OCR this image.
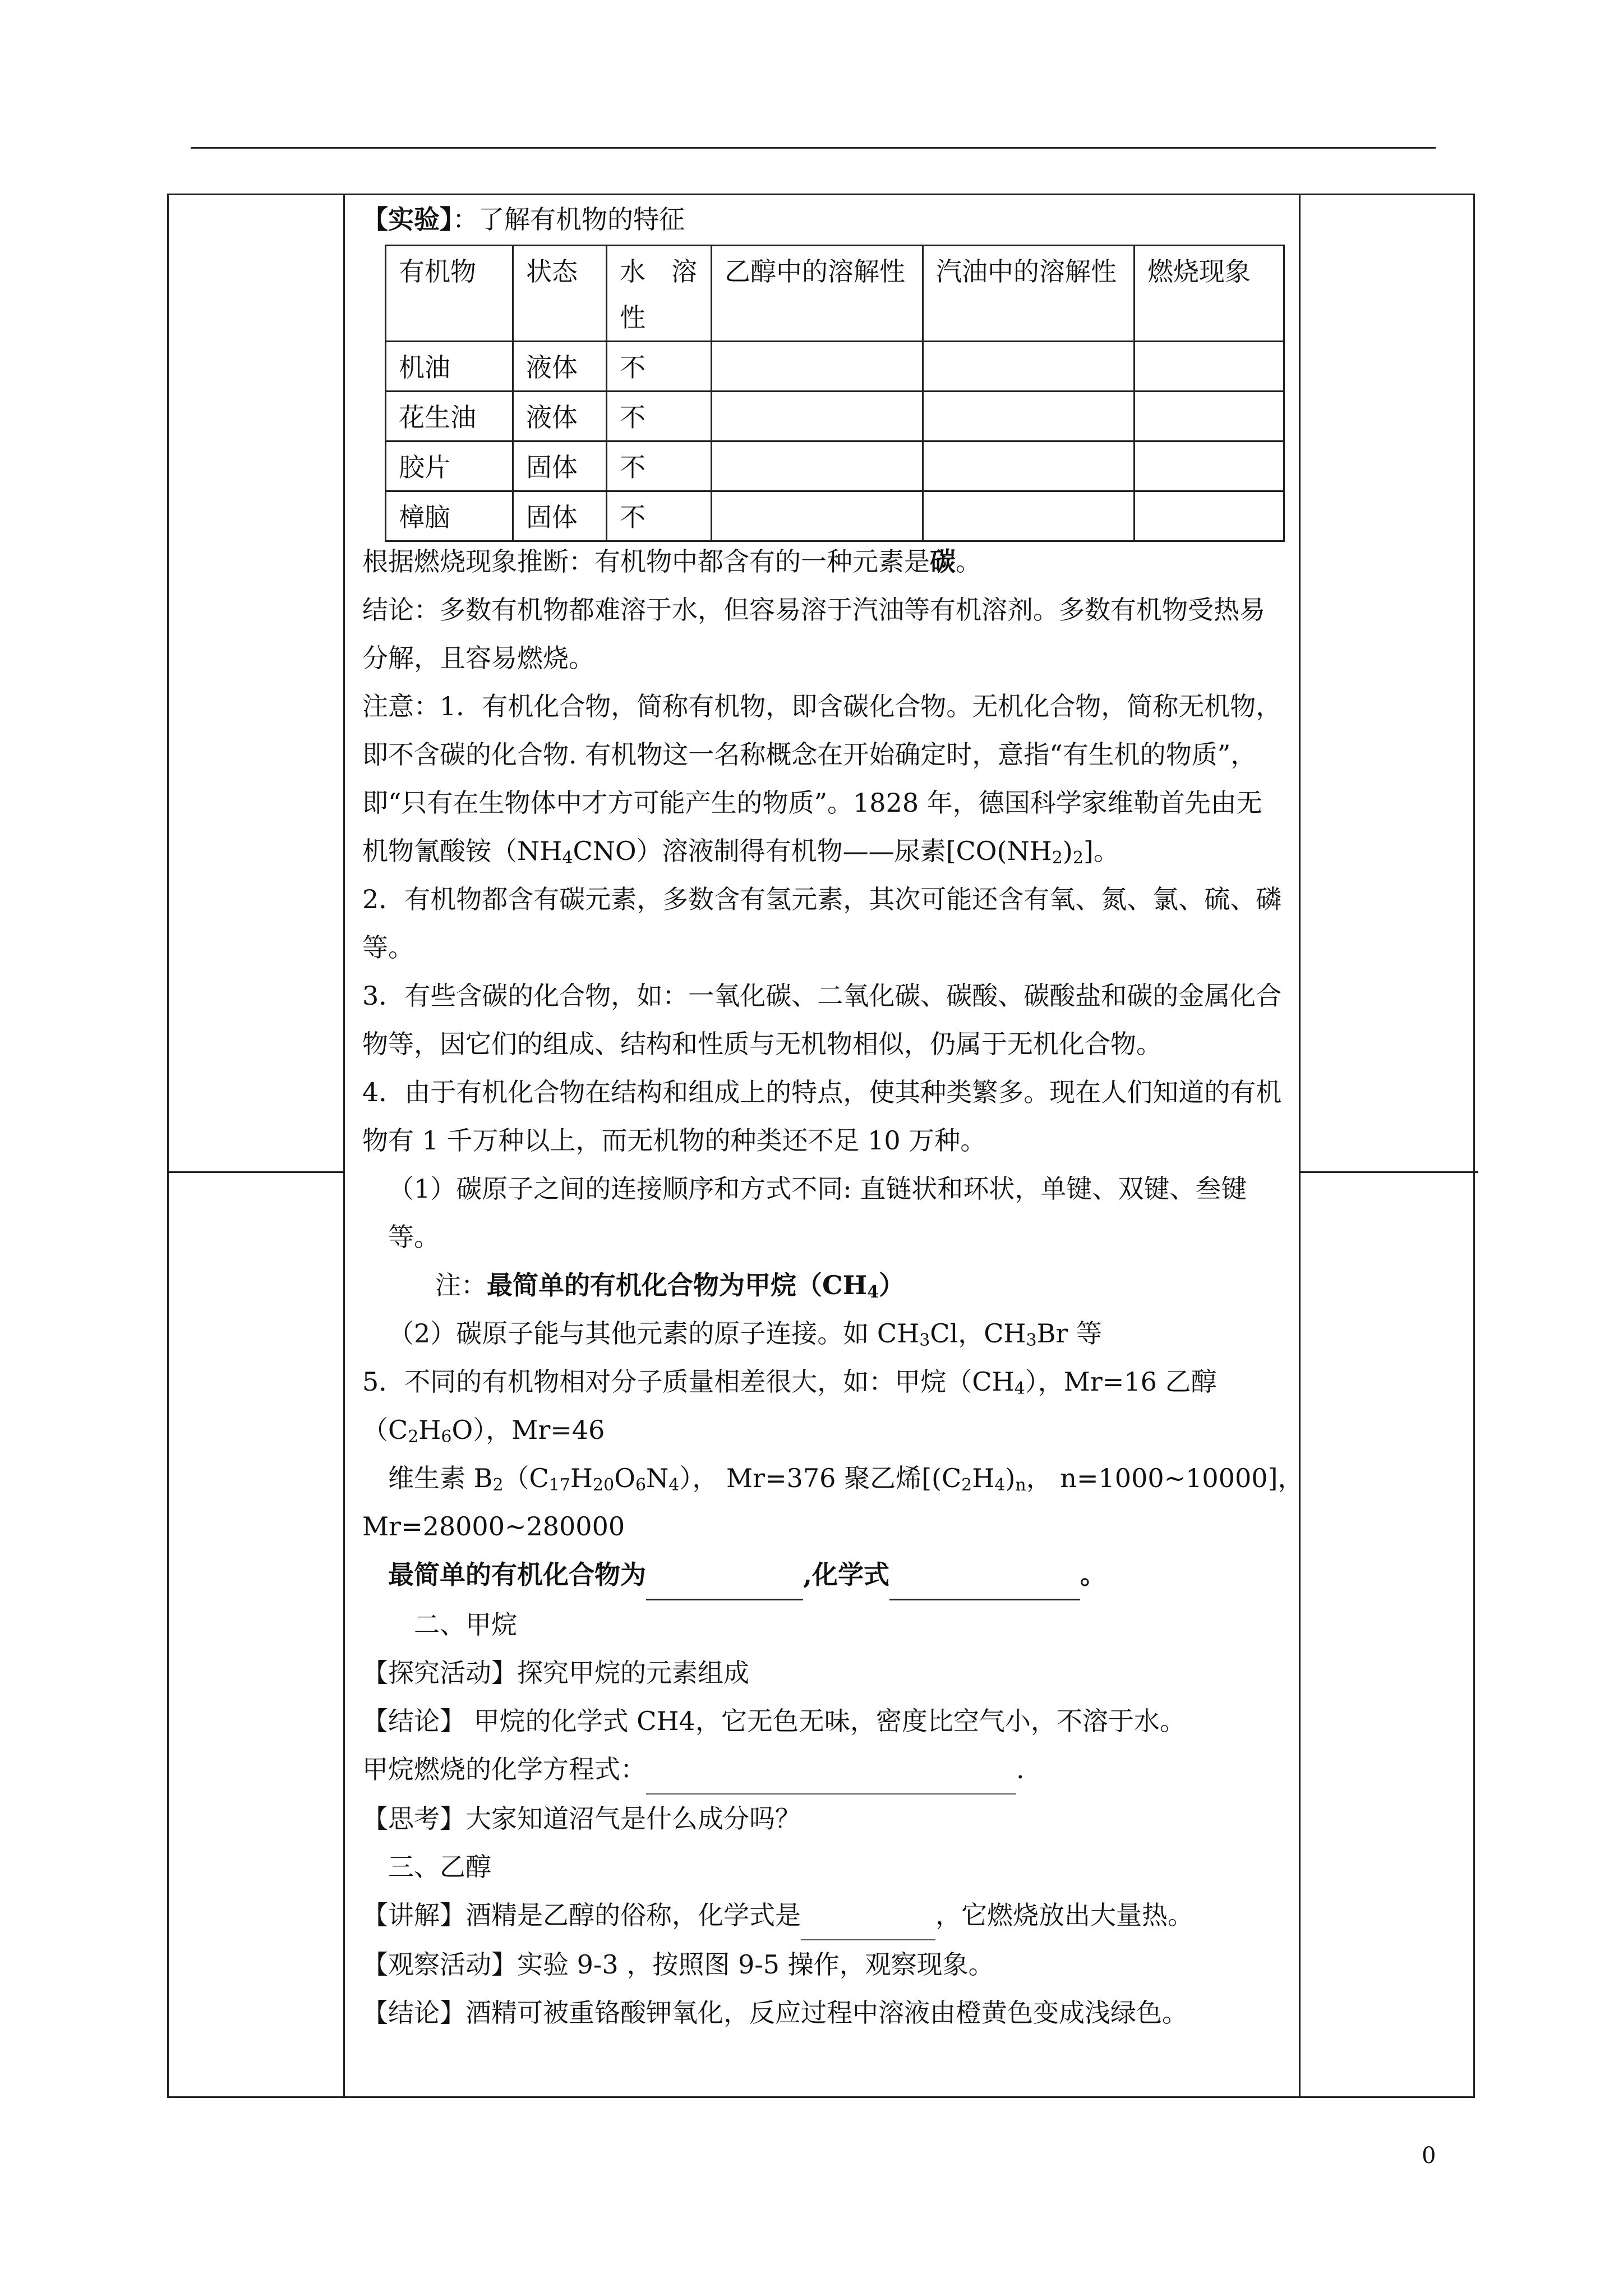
【实验】：了解有机物的特征
有机物	状态	水　溶性	乙醇中的溶解性	汽油中的溶解性	燃烧现象
机油	液体	不			
花生油	液体	不			
胶片	固体	不			
樟脑	固体	不			
根据燃烧现象推断：有机物中都含有的一种元素是碳。
结论：多数有机物都难溶于水，但容易溶于汽油等有机溶剂。多数有机物受热易分解，且容易燃烧。
注意：1．有机化合物，简称有机物，即含碳化合物。无机化合物，简称无机物，即不含碳的化合物. 有机物这一名称概念在开始确定时，意指“有生机的物质”，即“只有在生物体中才方可能产生的物质”。1828 年，德国科学家维勒首先由无机物氰酸铵$(NH_4CNO)$溶液制得有机物——尿素$[CO(NH_2)_2]$。
2．有机物都含有碳元素，多数含有氢元素，其次可能还含有氧、氮、氯、硫、磷等。
3．有些含碳的化合物，如：一氧化碳、二氧化碳、碳酸、碳酸盐和碳的金属化合物等，因它们的组成、结构和性质与无机物相似，仍属于无机化合物。
4．由于有机化合物在结构和组成上的特点，使其种类繁多。现在人们知道的有机物有 1 千万种以上，而无机物的种类还不足 10 万种。
（1）碳原子之间的连接顺序和方式不同: 直链状和环状，单键、双键、叁键等。
注：最简单的有机化合物为甲烷$(CH_4)$
（2）碳原子能与其他元素的原子连接。如 $CH_3Cl$，$CH_3Br$ 等
5．不同的有机物相对分子质量相差很大，如：甲烷$(CH_4)$，Mr=16 乙醇
$(C_2H_6O)$，Mr=46
维生素 $B_2(C_{17}H_{20}O_6N_4)$， Mr=376 聚乙烯[$(C_2H_4)_n$， n=1000~10000]，
Mr=28000~280000
最简单的有机化合物为	,化学式	。
二、甲烷
【探究活动】探究甲烷的元素组成
【结论】 甲烷的化学式 CH4，它无色无味，密度比空气小，不溶于水。
甲烷燃烧的化学方程式：	.
【思考】大家知道沼气是什么成分吗？
三、乙醇
【讲解】酒精是乙醇的俗称，化学式是	，它燃烧放出大量热。
【观察活动】实验 9-3 ，按照图 9-5 操作，观察现象。
【结论】酒精可被重铬酸钾氧化，反应过程中溶液由橙黄色变成浅绿色。
0
